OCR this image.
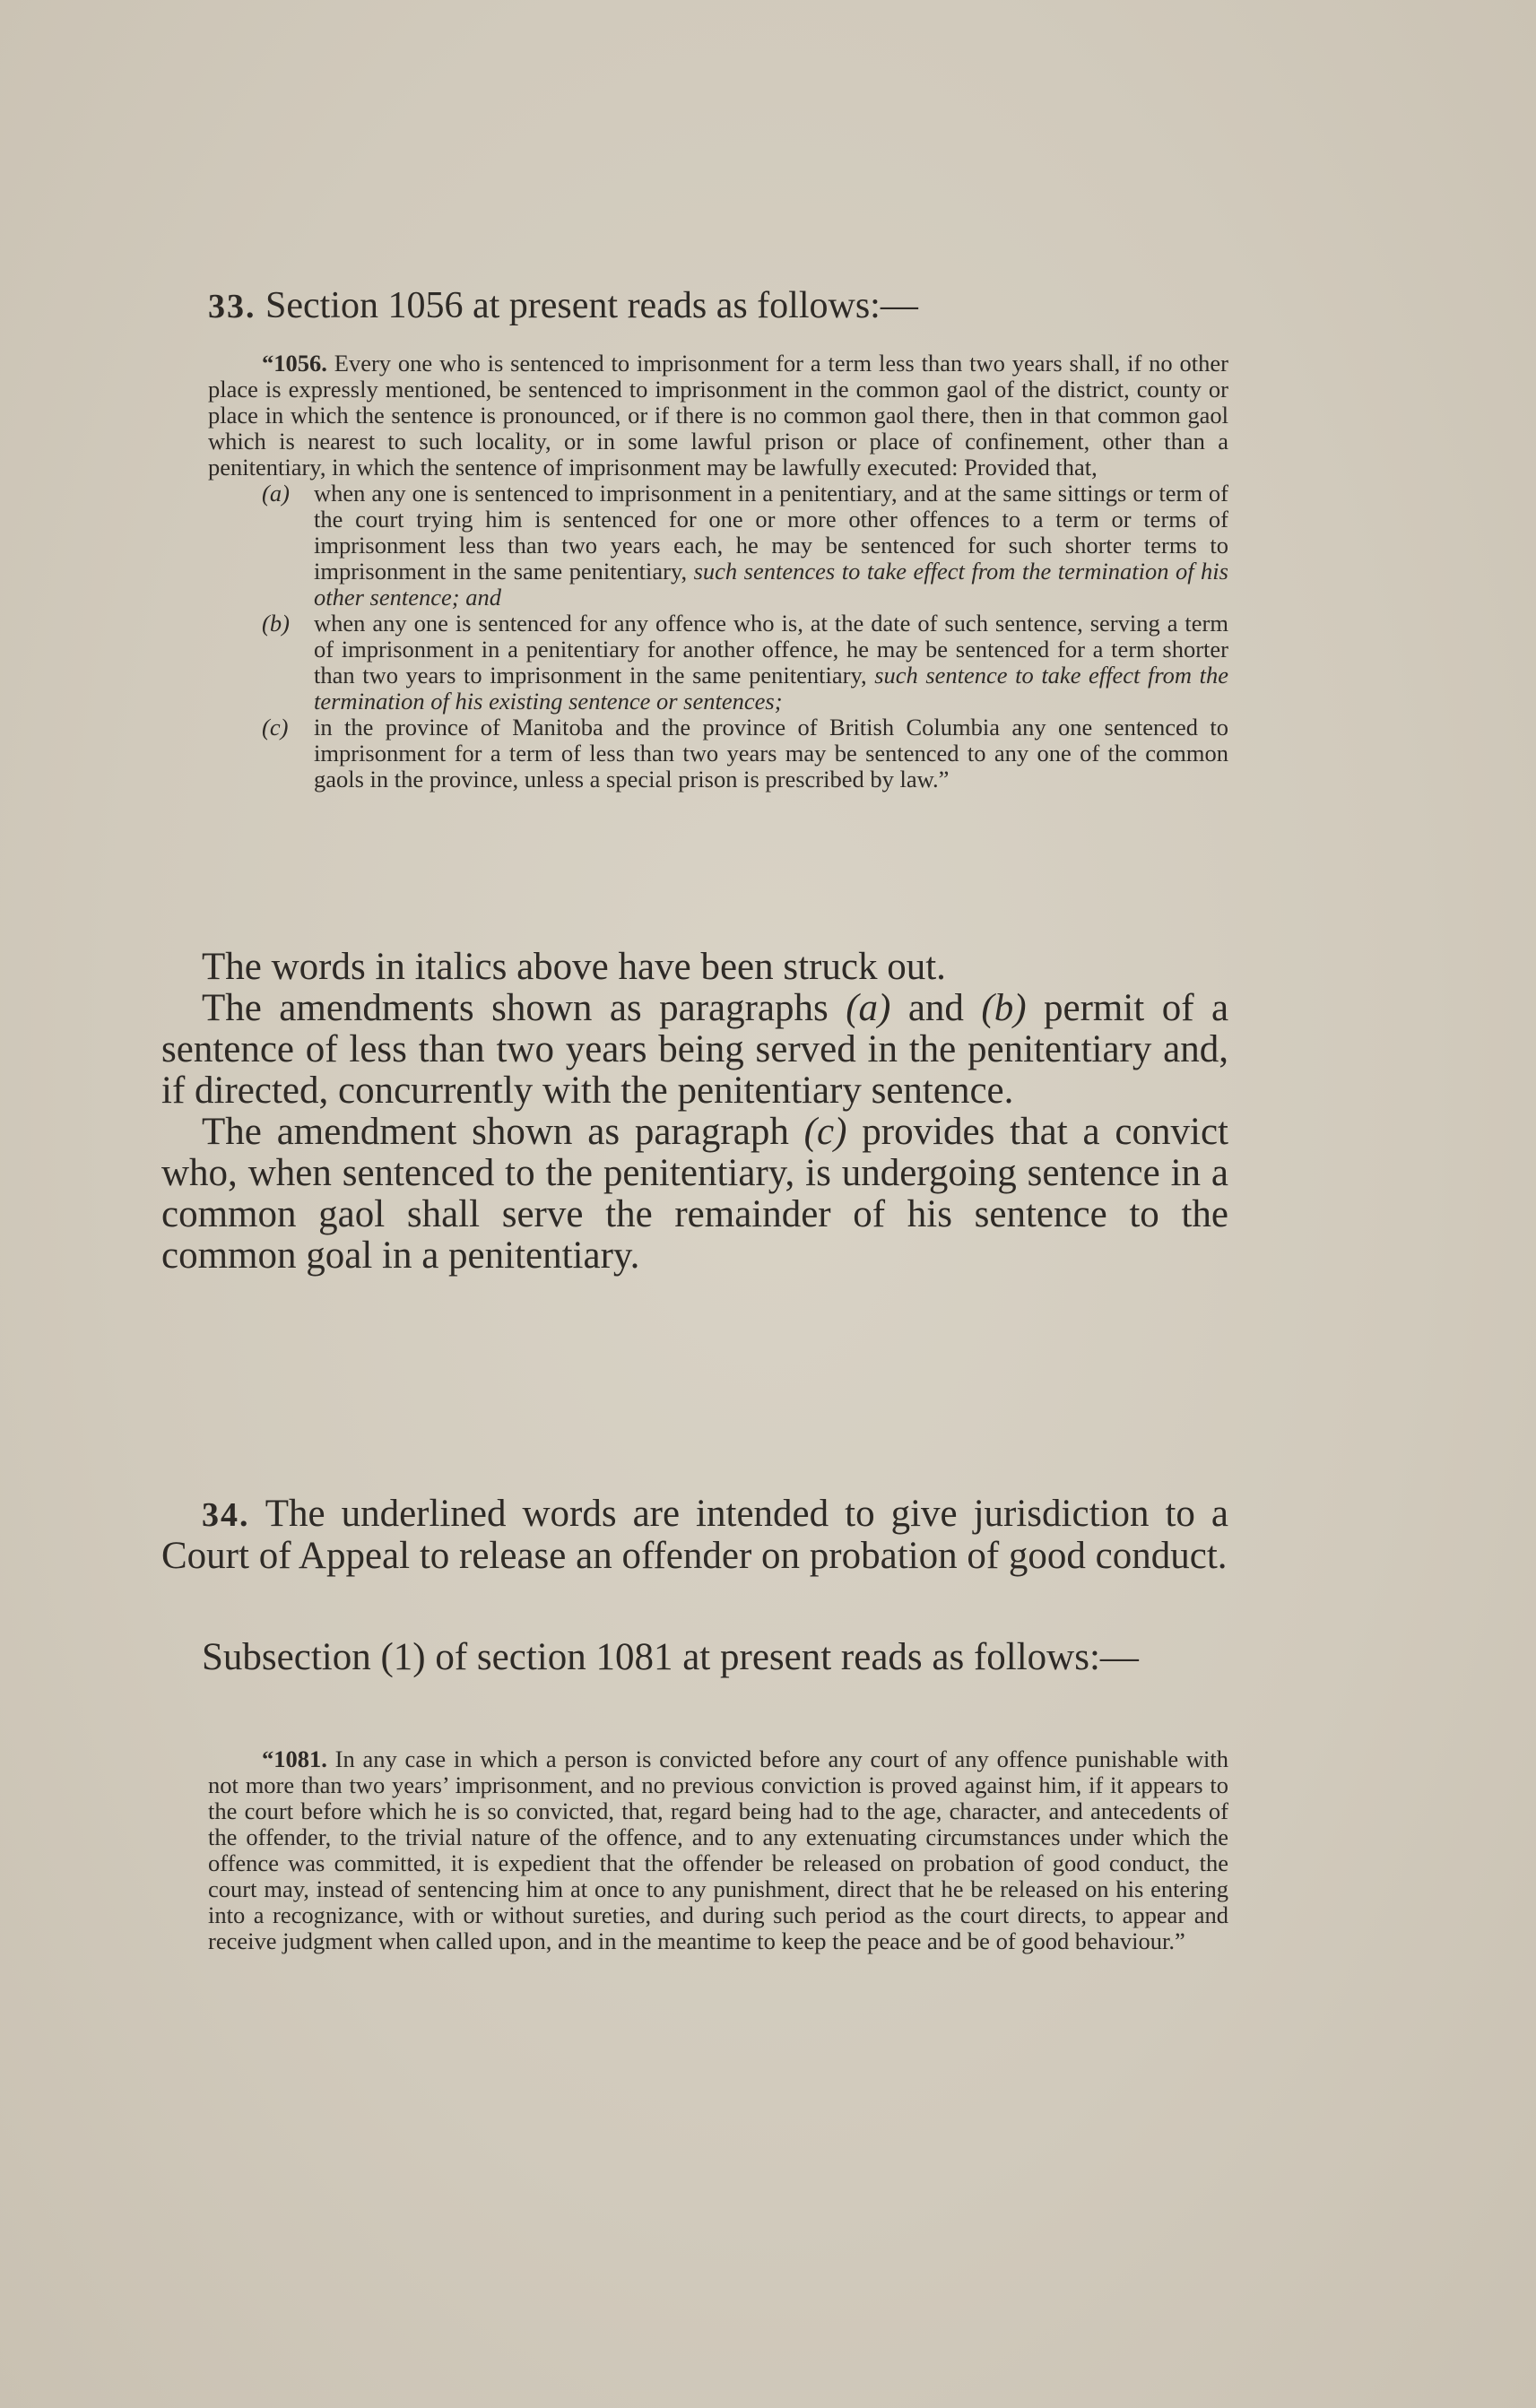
33. Section 1056 at present reads as follows:—
“1056. Every one who is sentenced to imprisonment for a term less than two years shall, if no other place is expressly mentioned, be sentenced to imprisonment in the common gaol of the district, county or place in which the sentence is pronounced, or if there is no common gaol there, then in that common gaol which is nearest to such locality, or in some lawful prison or place of confinement, other than a penitentiary, in which the sentence of imprisonment may be lawfully executed: Provided that,
(a) when any one is sentenced to imprisonment in a penitentiary, and at the same sittings or term of the court trying him is sentenced for one or more other offences to a term or terms of imprisonment less than two years each, he may be sentenced for such shorter terms to imprisonment in the same penitentiary, such sentences to take effect from the termination of his other sentence; and
(b) when any one is sentenced for any offence who is, at the date of such sentence, serving a term of imprisonment in a penitentiary for another offence, he may be sentenced for a term shorter than two years to imprisonment in the same penitentiary, such sentence to take effect from the termination of his existing sentence or sentences;
(c) in the province of Manitoba and the province of British Columbia any one sentenced to imprisonment for a term of less than two years may be sentenced to any one of the common gaols in the province, unless a special prison is prescribed by law.”

The words in italics above have been struck out.

The amendments shown as paragraphs (a) and (b) permit of a sentence of less than two years being served in the penitentiary and, if directed, concurrently with the penitentiary sentence.

The amendment shown as paragraph (c) provides that a convict who, when sentenced to the penitentiary, is undergoing sentence in a common gaol shall serve the remainder of his sentence to the common goal in a penitentiary.

34. The underlined words are intended to give jurisdiction to a Court of Appeal to release an offender on probation of good conduct.

Subsection (1) of section 1081 at present reads as follows:—

“1081. In any case in which a person is convicted before any court of any offence punishable with not more than two years’ imprisonment, and no previous conviction is proved against him, if it appears to the court before which he is so convicted, that, regard being had to the age, character, and antecedents of the offender, to the trivial nature of the offence, and to any extenuating circumstances under which the offence was committed, it is expedient that the offender be released on probation of good conduct, the court may, instead of sentencing him at once to any punishment, direct that he be released on his entering into a recognizance, with or without sureties, and during such period as the court directs, to appear and receive judgment when called upon, and in the meantime to keep the peace and be of good behaviour.”
